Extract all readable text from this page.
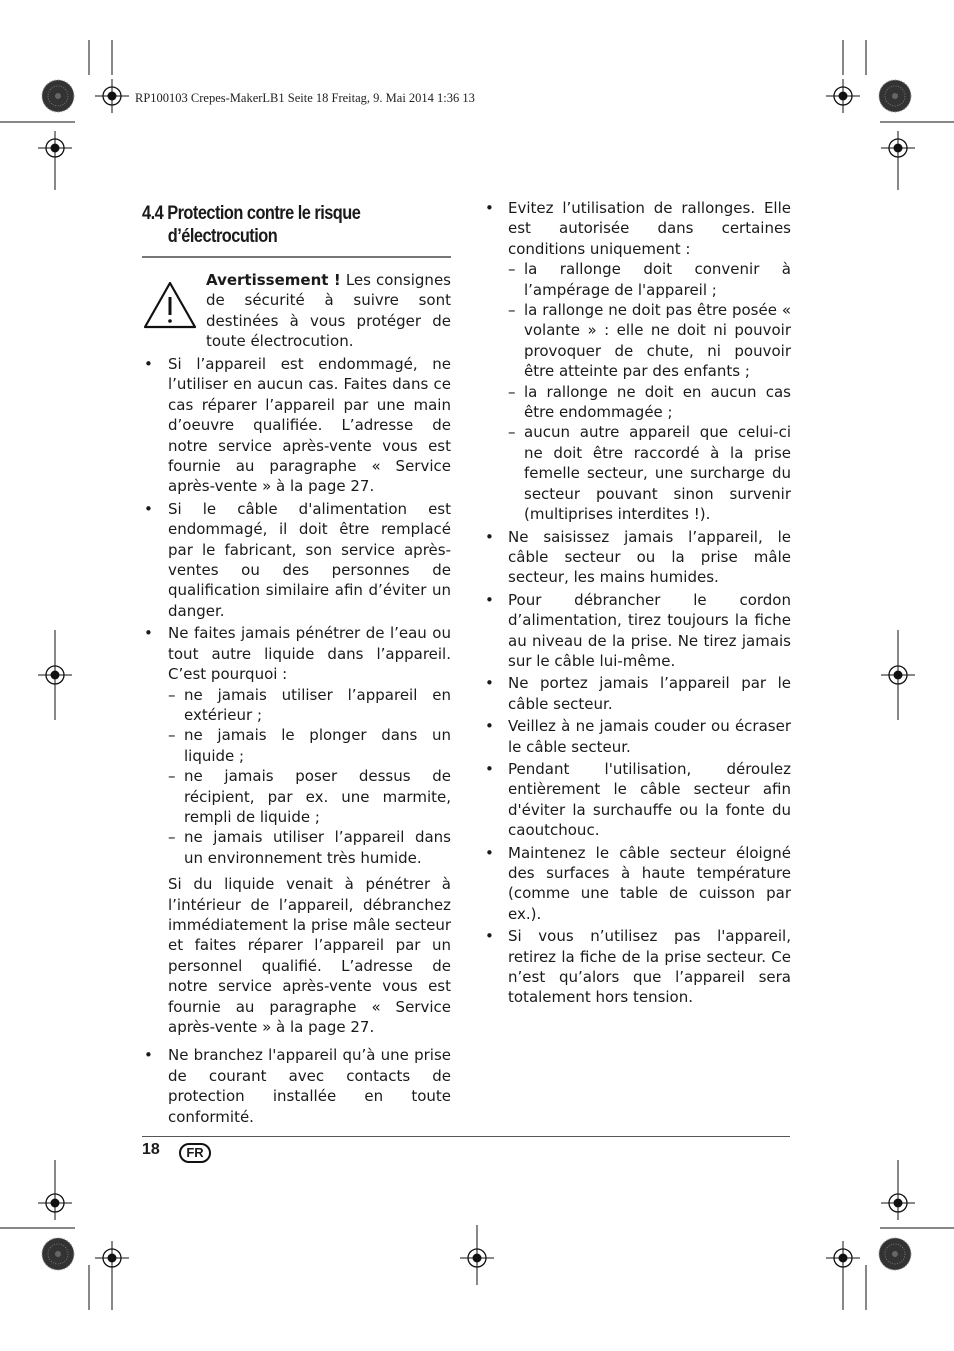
RP100103 Crepes-MakerLB1 Seite 18 Freitag, 9. Mai 2014 1:36 13
4.4 Protection contre le risque
d’électrocution

Avertissement ! Les consignes de sécurité à suivre sont destinées à vous protéger de toute électrocution.

• Si l’appareil est endommagé, ne l’utiliser en aucun cas. Faites dans ce cas réparer l’appareil par une main d’oeuvre qualifiée. L’adresse de notre service après-vente vous est fournie au paragraphe « Service après-vente » à la page 27.
• Si le câble d'alimentation est endommagé, il doit être remplacé par le fabricant, son service après-ventes ou des personnes de qualification similaire afin d’éviter un danger.
• Ne faites jamais pénétrer de l’eau ou tout autre liquide dans l’appareil. C’est pourquoi :
– ne jamais utiliser l’appareil en extérieur ;
– ne jamais le plonger dans un liquide ;
– ne jamais poser dessus de récipient, par ex. une marmite, rempli de liquide ;
– ne jamais utiliser l’appareil dans un environnement très humide.

Si du liquide venait à pénétrer à l’intérieur de l’appareil, débranchez immédiatement la prise mâle secteur et faites réparer l’appareil par un personnel qualifié. L’adresse de notre service après-vente vous est fournie au paragraphe « Service après-vente » à la page 27.

• Ne branchez l'appareil qu’à une prise de courant avec contacts de protection installée en toute conformité.
• Evitez l’utilisation de rallonges. Elle est autorisée dans certaines conditions uniquement :
– la rallonge doit convenir à l’ampérage de l'appareil ;
– la rallonge ne doit pas être posée « volante » : elle ne doit ni pouvoir provoquer de chute, ni pouvoir être atteinte par des enfants ;
– la rallonge ne doit en aucun cas être endommagée ;
– aucun autre appareil que celui-ci ne doit être raccordé à la prise femelle secteur, une surcharge du secteur pouvant sinon survenir (multiprises interdites !).
• Ne saisissez jamais l’appareil, le câble secteur ou la prise mâle secteur, les mains humides.
• Pour débrancher le cordon d’alimentation, tirez toujours la fiche au niveau de la prise. Ne tirez jamais sur le câble lui-même.
• Ne portez jamais l’appareil par le câble secteur.
• Veillez à ne jamais couder ou écraser le câble secteur.
• Pendant l'utilisation, déroulez entièrement le câble secteur afin d'éviter la surchauffe ou la fonte du caoutchouc.
• Maintenez le câble secteur éloigné des surfaces à haute température (comme une table de cuisson par ex.).
• Si vous n’utilisez pas l'appareil, retirez la fiche de la prise secteur. Ce n’est qu’alors que l’appareil sera totalement hors tension.
18	FR
